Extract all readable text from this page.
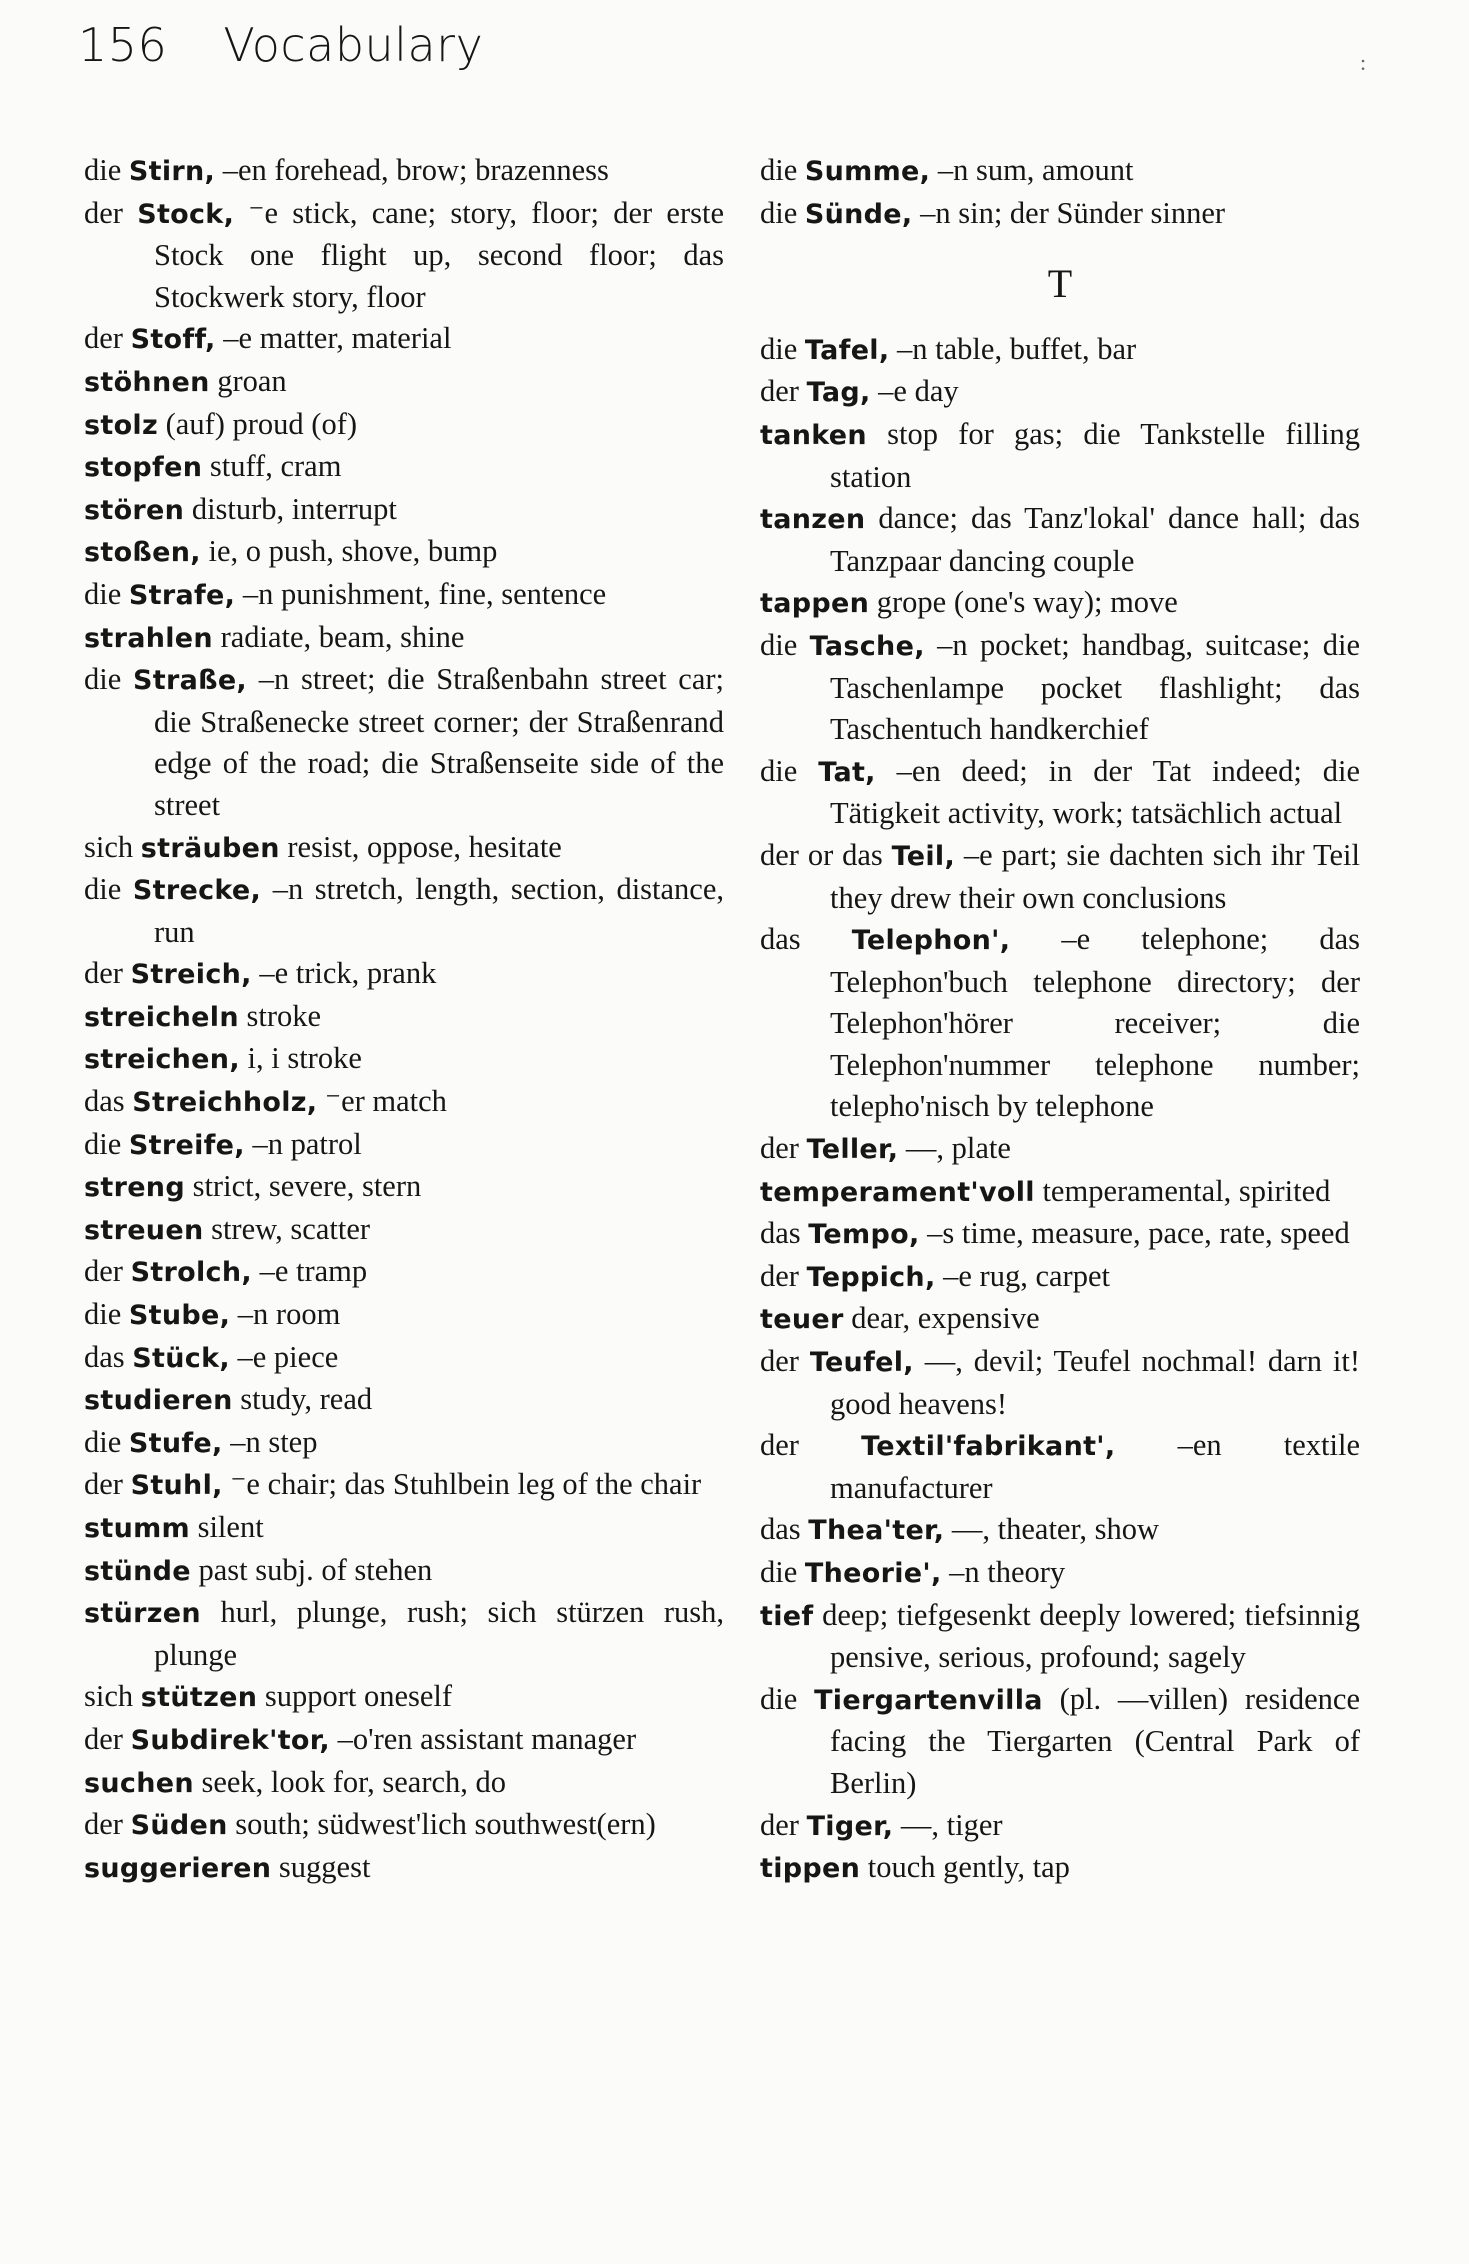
156 Vocabulary	:
die Stirn, –en forehead, brow; brazenness
der Stock, ⁻e stick, cane; story, floor; der erste Stock one flight up, second floor; das Stockwerk story, floor
der Stoff, –e matter, material
stöhnen groan
stolz (auf) proud (of)
stopfen stuff, cram
stören disturb, interrupt
stoßen, ie, o push, shove, bump
die Strafe, –n punishment, fine, sentence
strahlen radiate, beam, shine
die Straße, –n street; die Straßenbahn street car; die Straßenecke street corner; der Straßenrand edge of the road; die Straßenseite side of the street
sich sträuben resist, oppose, hesitate
die Strecke, –n stretch, length, section, distance, run
der Streich, –e trick, prank
streicheln stroke
streichen, i, i stroke
das Streichholz, ⁻er match
die Streife, –n patrol
streng strict, severe, stern
streuen strew, scatter
der Strolch, –e tramp
die Stube, –n room
das Stück, –e piece
studieren study, read
die Stufe, –n step
der Stuhl, ⁻e chair; das Stuhlbein leg of the chair
stumm silent
stünde past subj. of stehen
stürzen hurl, plunge, rush; sich stürzen rush, plunge
sich stützen support oneself
der Subdirek'tor, –o'ren assistant manager
suchen seek, look for, search, do
der Süden south; südwest'lich southwest(ern)
suggerieren suggest
die Summe, –n sum, amount
die Sünde, –n sin; der Sünder sinner
T
die Tafel, –n table, buffet, bar
der Tag, –e day
tanken stop for gas; die Tankstelle filling station
tanzen dance; das Tanz'lokal' dance hall; das Tanzpaar dancing couple
tappen grope (one's way); move
die Tasche, –n pocket; handbag, suitcase; die Taschenlampe pocket flashlight; das Taschentuch handkerchief
die Tat, –en deed; in der Tat indeed; die Tätigkeit activity, work; tatsächlich actual
der or das Teil, –e part; sie dachten sich ihr Teil they drew their own conclusions
das Telephon', –e telephone; das Telephon'buch telephone directory; der Telephon'hörer receiver; die Telephon'nummer telephone number; telepho'nisch by telephone
der Teller, —, plate
temperament'voll temperamental, spirited
das Tempo, –s time, measure, pace, rate, speed
der Teppich, –e rug, carpet
teuer dear, expensive
der Teufel, —, devil; Teufel nochmal! darn it! good heavens!
der Textil'fabrikant', –en textile manufacturer
das Thea'ter, —, theater, show
die Theorie', –n theory
tief deep; tiefgesenkt deeply lowered; tiefsinnig pensive, serious, profound; sagely
die Tiergartenvilla (pl. —villen) residence facing the Tiergarten (Central Park of Berlin)
der Tiger, —, tiger
tippen touch gently, tap
